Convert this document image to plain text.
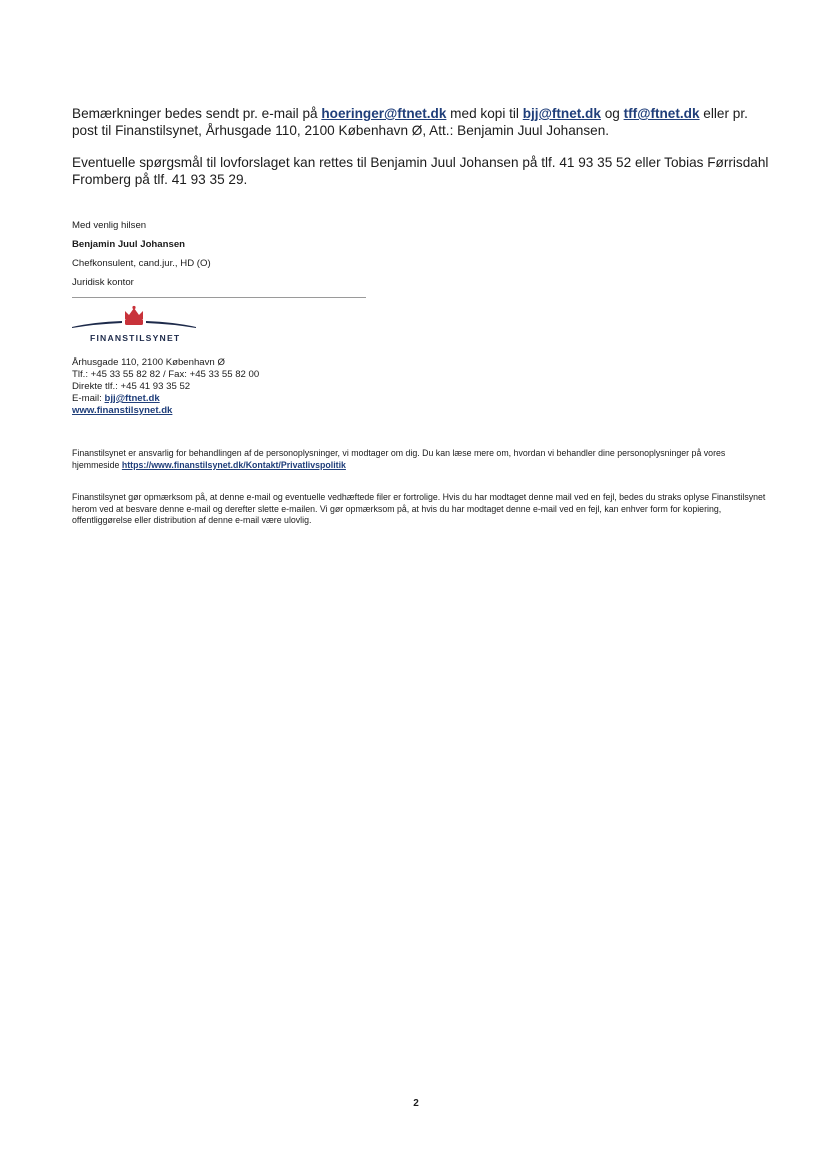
Bemærkninger bedes sendt pr. e-mail på hoeringer@ftnet.dk med kopi til bjj@ftnet.dk og tff@ftnet.dk eller pr. post til Finanstilsynet, Århusgade 110, 2100 København Ø, Att.: Benjamin Juul Johansen.
Eventuelle spørgsmål til lovforslaget kan rettes til Benjamin Juul Johansen på tlf. 41 93 35 52 eller Tobias Førrisdahl Fromberg på tlf. 41 93 35 29.
Med venlig hilsen
Benjamin Juul Johansen
Chefkonsulent, cand.jur., HD (O)
Juridisk kontor
FINANSTILSYNET
Århusgade 110, 2100 København Ø
Tlf.: +45 33 55 82 82 / Fax: +45 33 55 82 00
Direkte tlf.: +45 41 93 35 52
E-mail: bjj@ftnet.dk
www.finanstilsynet.dk
Finanstilsynet er ansvarlig for behandlingen af de personoplysninger, vi modtager om dig. Du kan læse mere om, hvordan vi behandler dine personoplysninger på vores hjemmeside https://www.finanstilsynet.dk/Kontakt/Privatlivspolitik
Finanstilsynet gør opmærksom på, at denne e-mail og eventuelle vedhæftede filer er fortrolige. Hvis du har modtaget denne mail ved en fejl, bedes du straks oplyse Finanstilsynet herom ved at besvare denne e-mail og derefter slette e-mailen. Vi gør opmærksom på, at hvis du har modtaget denne e-mail ved en fejl, kan enhver form for kopiering, offentliggørelse eller distribution af denne e-mail være ulovlig.
2
